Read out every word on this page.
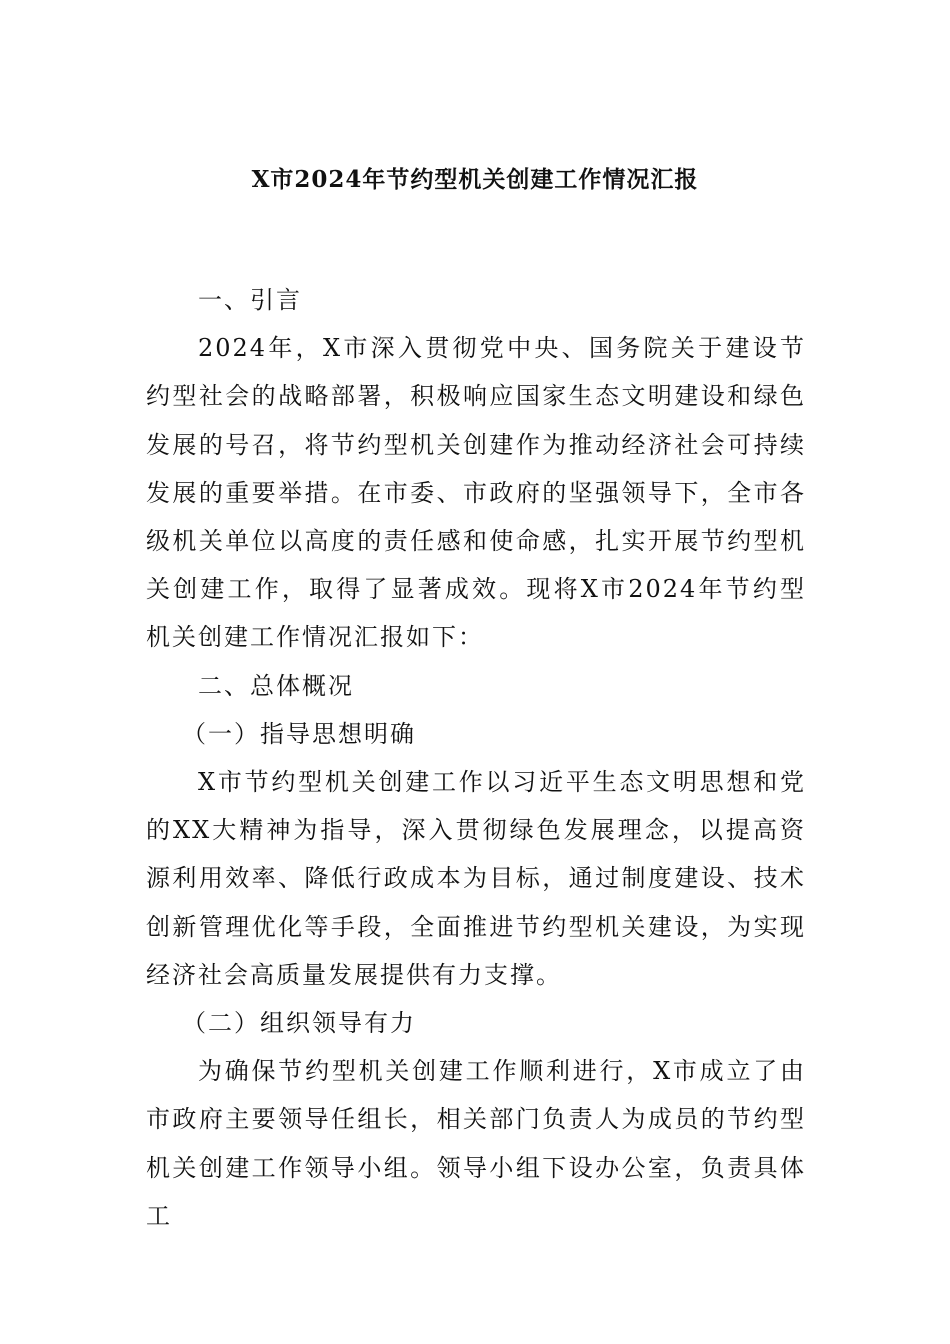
X市2024年节约型机关创建工作情况汇报

一、引言

2024年，X市深入贯彻党中央、国务院关于建设节约型社会的战略部署，积极响应国家生态文明建设和绿色发展的号召，将节约型机关创建作为推动经济社会可持续发展的重要举措。在市委、市政府的坚强领导下，全市各级机关单位以高度的责任感和使命感，扎实开展节约型机关创建工作，取得了显著成效。现将X市2024年节约型机关创建工作情况汇报如下：

二、总体概况

（一）指导思想明确

X市节约型机关创建工作以习近平生态文明思想和党的XX大精神为指导，深入贯彻绿色发展理念，以提高资源利用效率、降低行政成本为目标，通过制度建设、技术创新管理优化等手段，全面推进节约型机关建设，为实现经济社会高质量发展提供有力支撑。

（二）组织领导有力

为确保节约型机关创建工作顺利进行，X市成立了由市政府主要领导任组长，相关部门负责人为成员的节约型机关创建工作领导小组。领导小组下设办公室，负责具体工
